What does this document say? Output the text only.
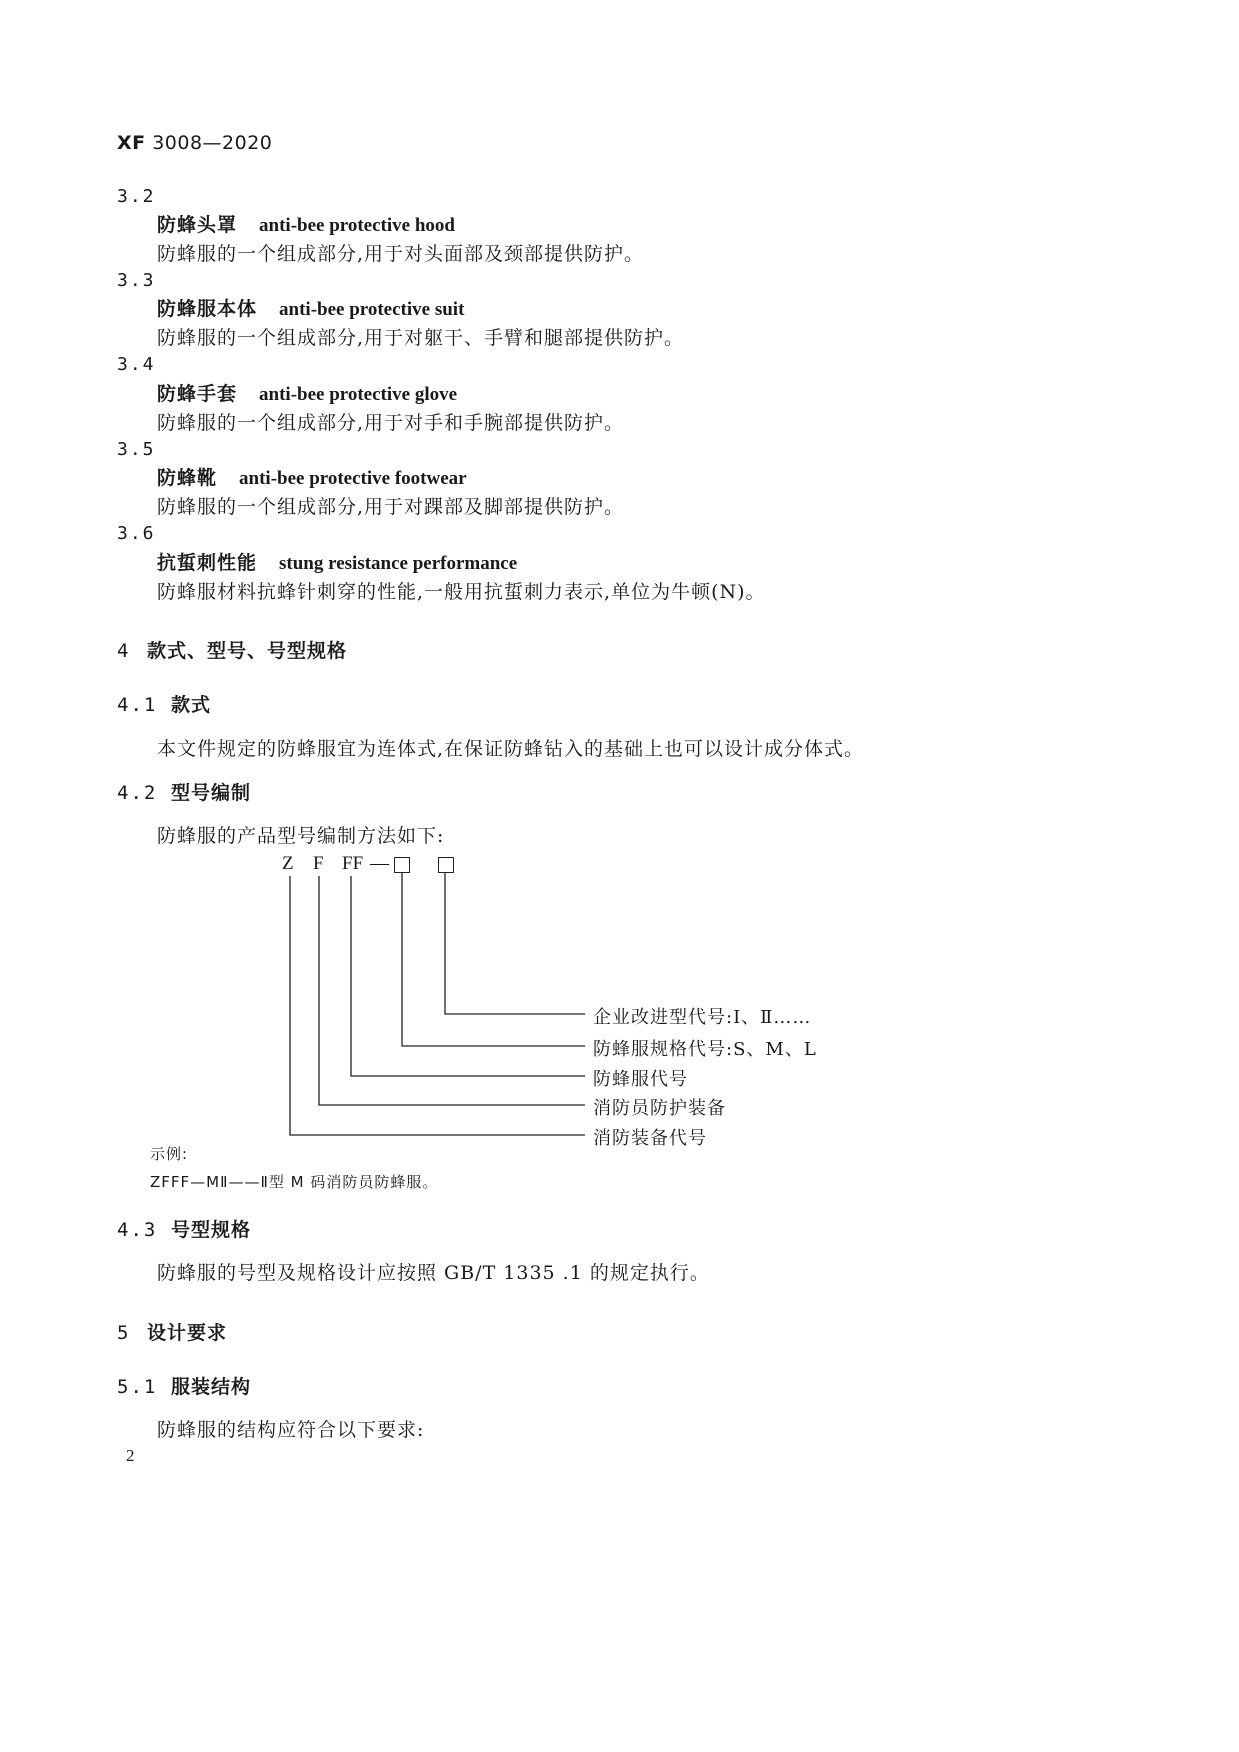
XF 3008—2020
3.2
防蜂头罩 anti-bee protective hood
防蜂服的一个组成部分,用于对头面部及颈部提供防护。
3.3
防蜂服本体 anti-bee protective suit
防蜂服的一个组成部分,用于对躯干、手臂和腿部提供防护。
3.4
防蜂手套 anti-bee protective glove
防蜂服的一个组成部分,用于对手和手腕部提供防护。
3.5
防蜂靴 anti-bee protective footwear
防蜂服的一个组成部分,用于对踝部及脚部提供防护。
3.6
抗蜇刺性能 stung resistance performance
防蜂服材料抗蜂针刺穿的性能,一般用抗蜇刺力表示,单位为牛顿(N)。
4 款式、型号、号型规格
4.1 款式
本文件规定的防蜂服宜为连体式,在保证防蜂钻入的基础上也可以设计成分体式。
4.2 型号编制
防蜂服的产品型号编制方法如下:
Z F FF —
企业改进型代号:Ⅰ、Ⅱ……
防蜂服规格代号:S、M、L
防蜂服代号
消防员防护装备
消防装备代号
示例:
ZFFF—MⅡ——Ⅱ型 M 码消防员防蜂服。
4.3 号型规格
防蜂服的号型及规格设计应按照 GB/T 1335 .1 的规定执行。
5 设计要求
5.1 服装结构
防蜂服的结构应符合以下要求:
2
